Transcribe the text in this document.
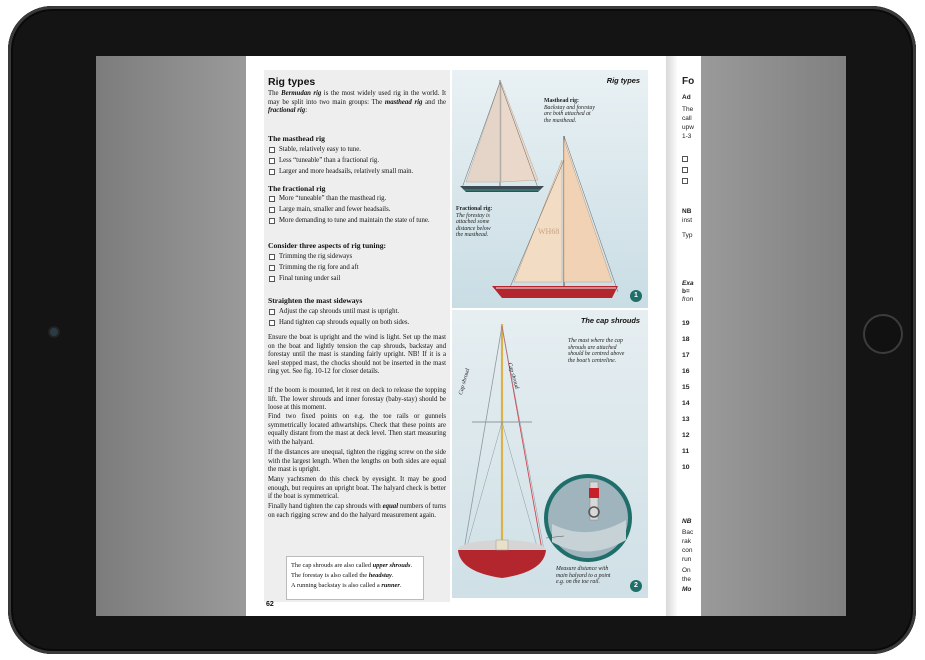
Rig types
The Bermudan rig is the most widely used rig in the world. It may be split into two main groups: The masthead rig and the fractional rig:
The masthead rig
Stable, relatively easy to tune.
Less “tuneable” than a fractional rig.
Larger and more headsails, relatively small main.
The fractional rig
More “tuneable” than the masthead rig.
Large main, smaller and fewer headsails.
More demanding to tune and maintain the state of tune.
Consider three aspects of rig tuning:
Trimming the rig sideways
Trimming the rig fore and aft
Final tuning under sail
Straighten the mast sideways
Adjust the cap shrouds until mast is upright.
Hand tighten cap shrouds equally on both sides.
Ensure the boat is upright and the wind is light. Set up the mast on the boat and lightly tension the cap shrouds, backstay and forestay until the mast is standing fairly upright. NB! If it is a keel stepped mast, the chocks should not be inserted in the mast ring yet. See fig. 10-12 for closer details.
If the boom is mounted, let it rest on deck to release the topping lift. The lower shrouds and inner forestay (baby-stay) should be loose at this moment.
Find two fixed points on e.g. the toe rails or gunnels symmetrically located athwartships. Check that these points are equally distant from the mast at deck level. Then start measuring with the halyard.
If the distances are unequal, tighten the rigging screw on the side with the largest length. When the lengths on both sides are equal the mast is upright.
Many yachtsmen do this check by eyesight. It may be good enough, but requires an upright boat. The halyard check is better if the boat is symmetrical.
Finally hand tighten the cap shrouds with equal numbers of turns on each rigging screw and do the halyard measurement again.
The cap shrouds are also called upper shrouds.
The forestay is also called the headstay.
A running backstay is also called a runner.
62
WH68
Rig types
Masthead rig:
Backstay and forestay
are both attached at
the masthead.
Fractional rig:
The forestay is
attached some
distance below
the masthead.
1
The cap shrouds
The mast where the cap
shrouds are attached
should be centred above
the boat’s centreline.
Cap shroud	Cap shroud
Measure distance with
main halyard to a point
e.g. on the toe rail.	2
Fo
Ad
The
call
upw
1-3
NB
inst
Typ
Exa
b=
fron
19
18
17
16
15
14
13
12
11
10
NB
Bac
rak
con
run
On
the
Mo
